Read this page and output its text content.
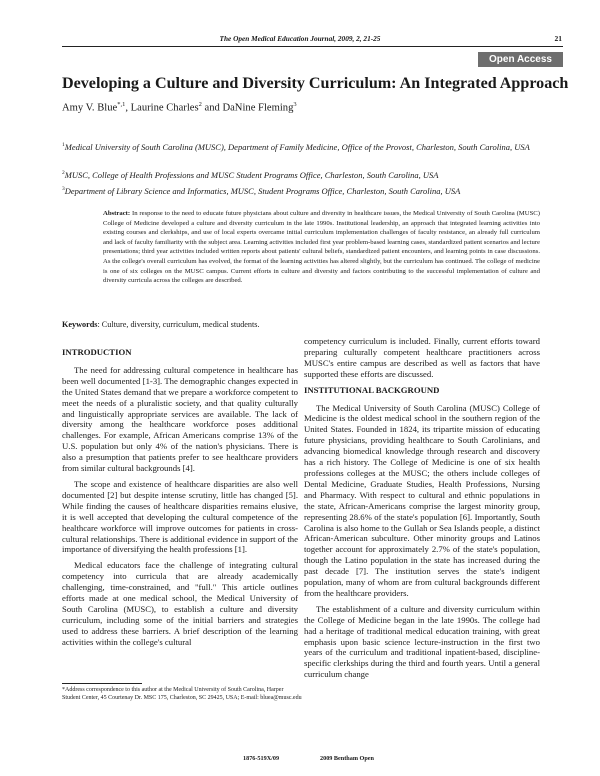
The Open Medical Education Journal, 2009, 2, 21-25	21
Open Access
Developing a Culture and Diversity Curriculum: An Integrated Approach
Amy V. Blue$^{*,1}$, Laurine Charles$^2$ and DaNine Fleming$^3$
$^1$Medical University of South Carolina (MUSC), Department of Family Medicine, Office of the Provost, Charleston, South Carolina, USA
$^2$MUSC, College of Health Professions and MUSC Student Programs Office, Charleston, South Carolina, USA
$^3$Department of Library Science and Informatics, MUSC, Student Programs Office, Charleston, South Carolina, USA
Abstract: In response to the need to educate future physicians about culture and diversity in healthcare issues, the Medical University of South Carolina (MUSC) College of Medicine developed a culture and diversity curriculum in the late 1990s. Institutional leadership, an approach that integrated learning activities into existing courses and clerkships, and use of local experts overcame initial curriculum implementation challenges of faculty resistance, an already full curriculum and lack of faculty familiarity with the subject area. Learning activities included first year problem-based learning cases, standardized patient scenarios and lecture presentations; third year activities included written reports about patients' cultural beliefs, standardized patient encounters, and learning points in case discussions. As the college's overall curriculum has evolved, the format of the learning activities has altered slightly, but the curriculum has continued. The college of medicine is one of six colleges on the MUSC campus. Current efforts in culture and diversity and factors contributing to the successful implementation of culture and diversity curricula across the colleges are described.
Keywords: Culture, diversity, curriculum, medical students.
INTRODUCTION

The need for addressing cultural competence in healthcare has been well documented [1-3]. The demographic changes expected in the United States demand that we prepare a workforce competent to meet the needs of a pluralistic society, and that quality culturally and linguistically appropriate services are available. The lack of diversity among the healthcare workforce poses additional challenges. For example, African Americans comprise 13% of the U.S. population but only 4% of the nation's physicians. There is also a presumption that patients prefer to see healthcare providers from similar cultural backgrounds [4].

The scope and existence of healthcare disparities are also well documented [2] but despite intense scrutiny, little has changed [5]. While finding the causes of healthcare disparities remains elusive, it is well accepted that developing the cultural competence of the healthcare workforce will improve outcomes for patients in cross-cultural relationships. There is additional evidence in support of the importance of diversifying the health professions [1].

Medical educators face the challenge of integrating cultural competency into curricula that are already academically challenging, time-constrained, and "full." This article outlines efforts made at one medical school, the Medical University of South Carolina (MUSC), to establish a culture and diversity curriculum, including some of the initial barriers and strategies used to address these barriers. A brief description of the learning activities within the college's cultural

competency curriculum is included. Finally, current efforts toward preparing culturally competent healthcare practitioners across MUSC's entire campus are described as well as factors that have supported these efforts are discussed.

INSTITUTIONAL BACKGROUND

The Medical University of South Carolina (MUSC) College of Medicine is the oldest medical school in the southern region of the United States. Founded in 1824, its tripartite mission of educating future physicians, providing healthcare to South Carolinians, and advancing biomedical knowledge through research and discovery has a rich history. The College of Medicine is one of six health professions colleges at the MUSC; the others include colleges of Dental Medicine, Graduate Studies, Health Professions, Nursing and Pharmacy. With respect to cultural and ethnic populations in the state, African-Americans comprise the largest minority group, representing 28.6% of the state's population [6]. Importantly, South Carolina is also home to the Gullah or Sea Islands people, a distinct African-American subculture. Other minority groups and Latinos together account for approximately 2.7% of the state's population, though the Latino population in the state has increased during the past decade [7]. The institution serves the state's indigent population, many of whom are from cultural backgrounds different from the healthcare providers.

The establishment of a culture and diversity curriculum within the College of Medicine began in the late 1990s. The college had had a heritage of traditional medical education training, with great emphasis upon basic science lecture-instruction in the first two years of the curriculum and traditional inpatient-based, discipline-specific clerkships during the third and fourth years. Until a general curriculum change

*Address correspondence to this author at the Medical University of South Carolina, Harper Student Center, 45 Courtenay Dr. MSC 175, Charleston, SC 29425, USA; E-mail: bluea@musc.edu
1876-519X/09	2009 Bentham Open
